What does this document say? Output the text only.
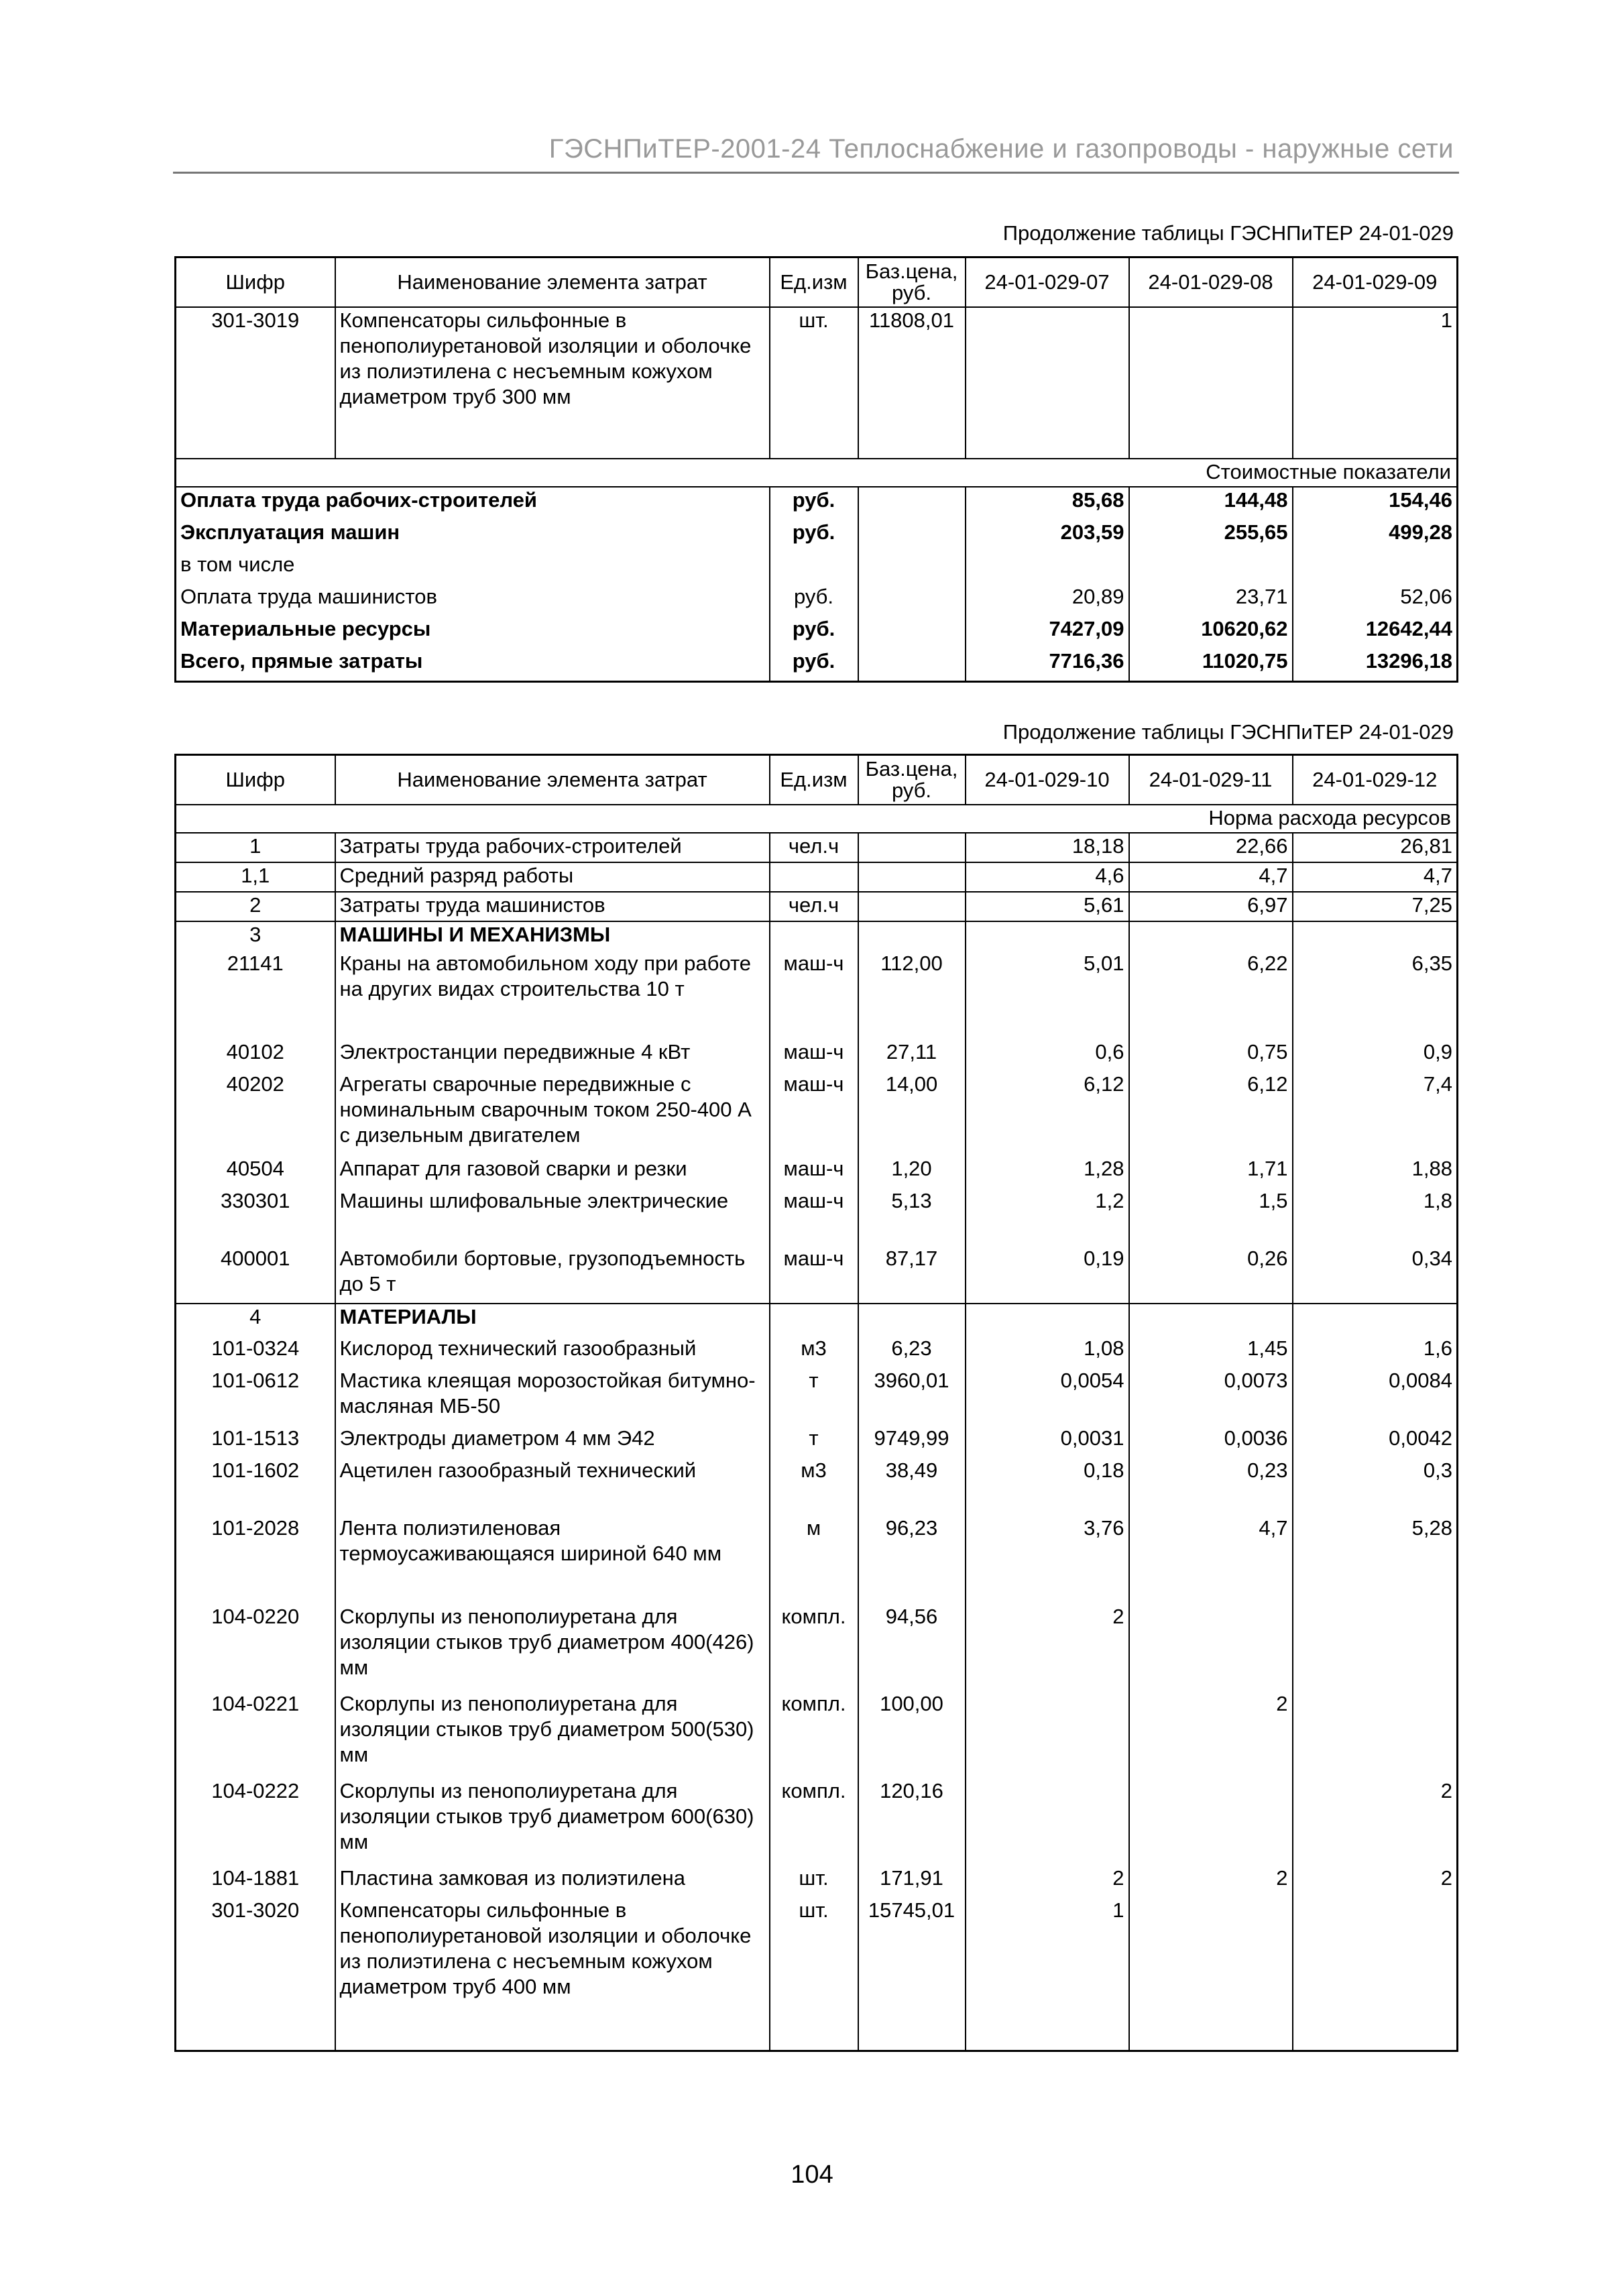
ГЭСНПиТЕР-2001-24 Теплоснабжение и газопроводы - наружные сети
Продолжение таблицы ГЭСНПиТЕР 24-01-029
Шифр	Наименование элемента затрат	Ед.изм	Баз.цена, руб.	24-01-029-07	24-01-029-08	24-01-029-09
301-3019	Компенсаторы сильфонные в пенополиуретановой изоляции и оболочке из полиэтилена с несъемным кожухом диаметром труб 300 мм	шт.	11808,01			1
Стоимостные показатели						
Оплата труда рабочих-строителей		руб.		85,68	144,48	154,46
Эксплуатация машин		руб.		203,59	255,65	499,28
в том числе						
Оплата труда машинистов		руб.		20,89	23,71	52,06
Материальные ресурсы		руб.		7427,09	10620,62	12642,44
Всего, прямые затраты		руб.		7716,36	11020,75	13296,18
Продолжение таблицы ГЭСНПиТЕР 24-01-029
Шифр	Наименование элемента затрат	Ед.изм	Баз.цена, руб.	24-01-029-10	24-01-029-11	24-01-029-12
Норма расхода ресурсов						
1	Затраты труда рабочих-строителей	чел.ч		18,18	22,66	26,81
1,1	Средний разряд работы			4,6	4,7	4,7
2	Затраты труда машинистов	чел.ч		5,61	6,97	7,25
3	МАШИНЫ И МЕХАНИЗМЫ					
21141	Краны на автомобильном ходу при работе на других видах строительства 10 т	маш-ч	112,00	5,01	6,22	6,35
40102	Электростанции передвижные 4 кВт	маш-ч	27,11	0,6	0,75	0,9
40202	Агрегаты сварочные передвижные с номинальным сварочным током 250-400 А с дизельным двигателем	маш-ч	14,00	6,12	6,12	7,4
40504	Аппарат для газовой сварки и резки	маш-ч	1,20	1,28	1,71	1,88
330301	Машины шлифовальные электрические	маш-ч	5,13	1,2	1,5	1,8
400001	Автомобили бортовые, грузоподъемность до 5 т	маш-ч	87,17	0,19	0,26	0,34
4	МАТЕРИАЛЫ					
101-0324	Кислород технический газообразный	м3	6,23	1,08	1,45	1,6
101-0612	Мастика клеящая морозостойкая битумно-масляная МБ-50	т	3960,01	0,0054	0,0073	0,0084
101-1513	Электроды диаметром 4 мм Э42	т	9749,99	0,0031	0,0036	0,0042
101-1602	Ацетилен газообразный технический	м3	38,49	0,18	0,23	0,3
101-2028	Лента полиэтиленовая термоусаживающаяся шириной 640 мм	м	96,23	3,76	4,7	5,28
104-0220	Скорлупы из пенополиуретана для изоляции стыков труб диаметром 400(426) мм	компл.	94,56	2		
104-0221	Скорлупы из пенополиуретана для изоляции стыков труб диаметром 500(530) мм	компл.	100,00		2	
104-0222	Скорлупы из пенополиуретана для изоляции стыков труб диаметром 600(630) мм	компл.	120,16			2
104-1881	Пластина замковая из полиэтилена	шт.	171,91	2	2	2
301-3020	Компенсаторы сильфонные в пенополиуретановой изоляции и оболочке из полиэтилена с несъемным кожухом диаметром труб 400 мм	шт.	15745,01	1		

104
